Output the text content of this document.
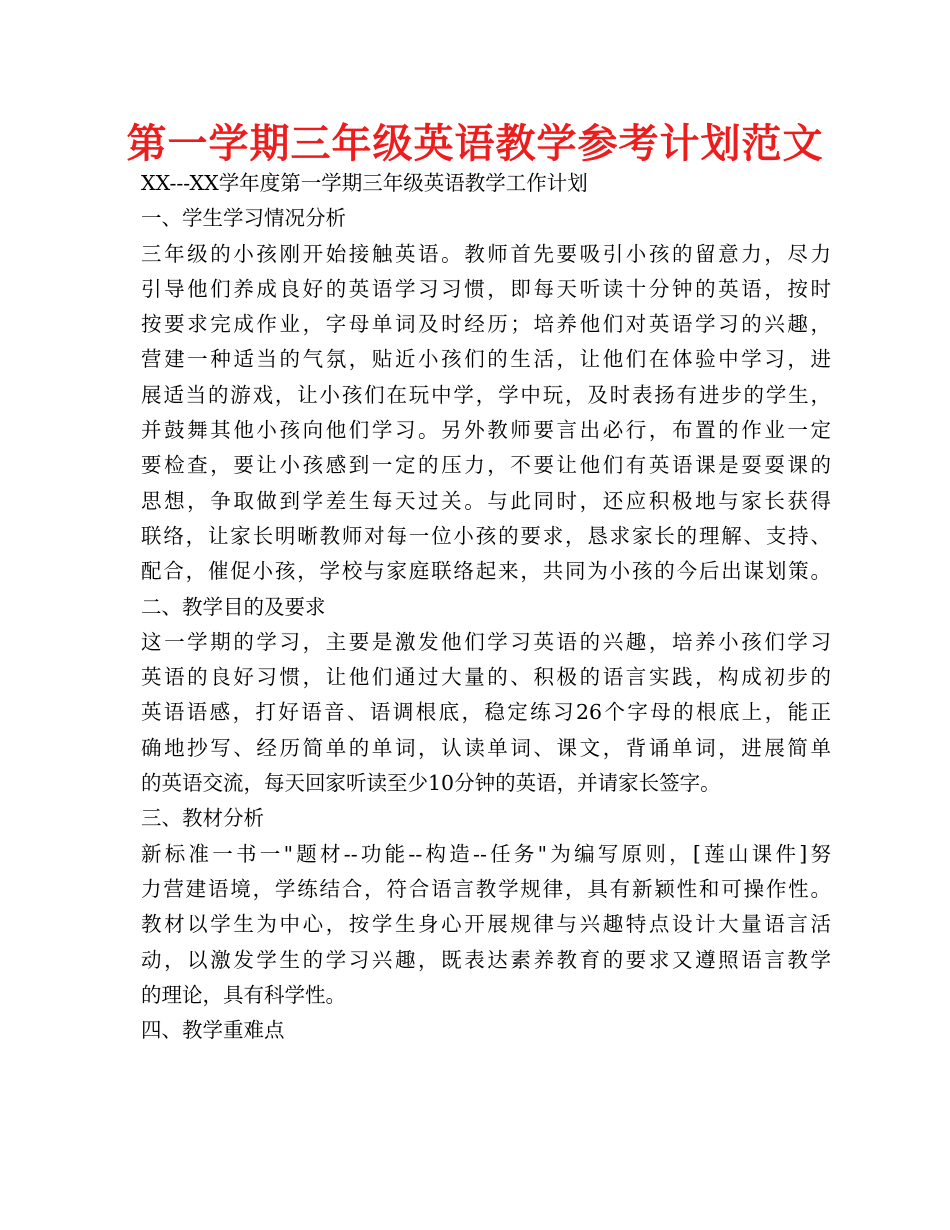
第一学期三年级英语教学参考计划范文
XX---XX学年度第一学期三年级英语教学工作计划
一、学生学习情况分析
三年级的小孩刚开始接触英语。教师首先要吸引小孩的留意力，尽力
引导他们养成良好的英语学习习惯，即每天听读十分钟的英语，按时
按要求完成作业，字母单词及时经历；培养他们对英语学习的兴趣，
营建一种适当的气氛，贴近小孩们的生活，让他们在体验中学习，进
展适当的游戏，让小孩们在玩中学，学中玩，及时表扬有进步的学生，
并鼓舞其他小孩向他们学习。另外教师要言出必行，布置的作业一定
要检查，要让小孩感到一定的压力，不要让他们有英语课是耍耍课的
思想，争取做到学差生每天过关。与此同时，还应积极地与家长获得
联络，让家长明晰教师对每一位小孩的要求，恳求家长的理解、支持、
配合，催促小孩，学校与家庭联络起来，共同为小孩的今后出谋划策。
二、教学目的及要求
这一学期的学习，主要是激发他们学习英语的兴趣，培养小孩们学习
英语的良好习惯，让他们通过大量的、积极的语言实践，构成初步的
英语语感，打好语音、语调根底，稳定练习26个字母的根底上，能正
确地抄写、经历简单的单词，认读单词、课文，背诵单词，进展简单
的英语交流，每天回家听读至少10分钟的英语，并请家长签字。
三、教材分析
新标准一书一"题材--功能--构造--任务"为编写原则，[莲山课件]努
力营建语境，学练结合，符合语言教学规律，具有新颖性和可操作性。
教材以学生为中心，按学生身心开展规律与兴趣特点设计大量语言活
动，以激发学生的学习兴趣，既表达素养教育的要求又遵照语言教学
的理论，具有科学性。
四、教学重难点
